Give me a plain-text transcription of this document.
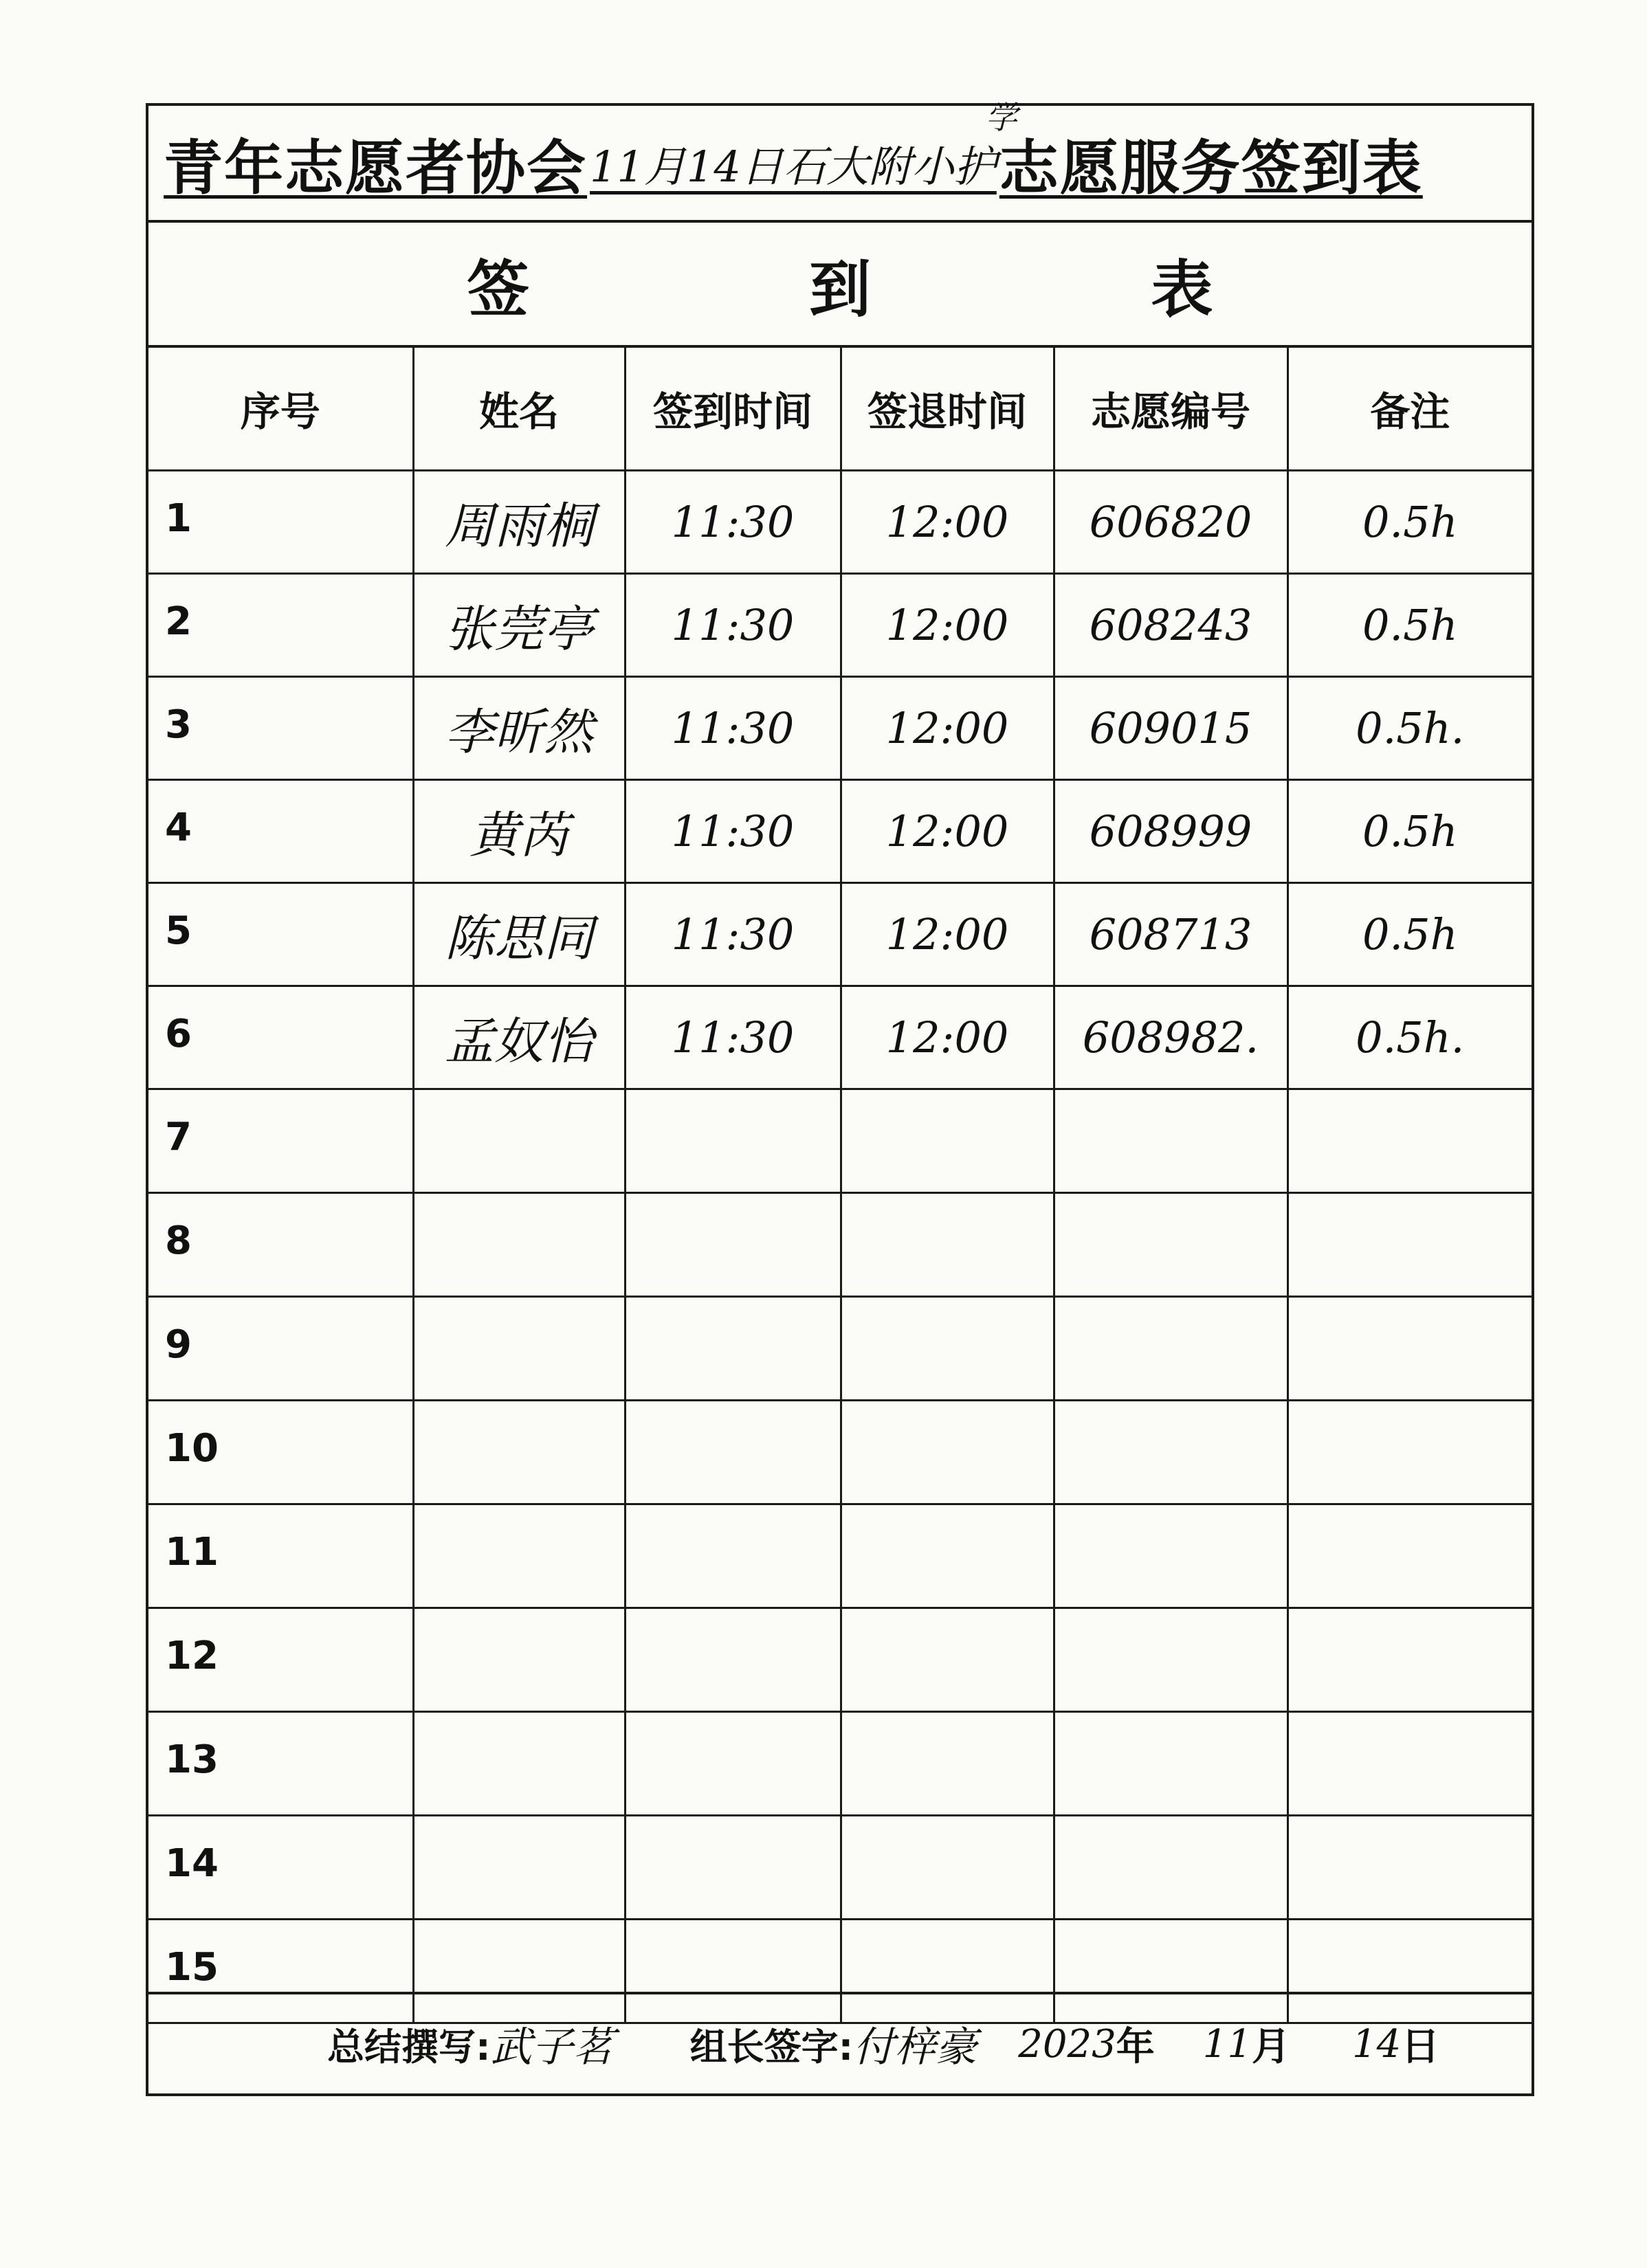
青年志愿者协会 11月14日石大附小护
学
志愿服务签到表
签	到	表
序号	姓名	签到时间	签退时间	志愿编号	备注
1	周雨桐	11:30	12:00	606820	0.5h
2	张莞亭	11:30	12:00	608243	0.5h
3	李昕然	11:30	12:00	609015	0.5h.
4	黄芮	11:30	12:00	608999	0.5h
5	陈思同	11:30	12:00	608713	0.5h
6	孟奴怡	11:30	12:00	608982.	0.5h.
7					
8					
9					
10					
11					
12					
13					
14					
15					
总结撰写: 武子茗 组长签字: 付梓豪 2023 年 11 月 14 日
